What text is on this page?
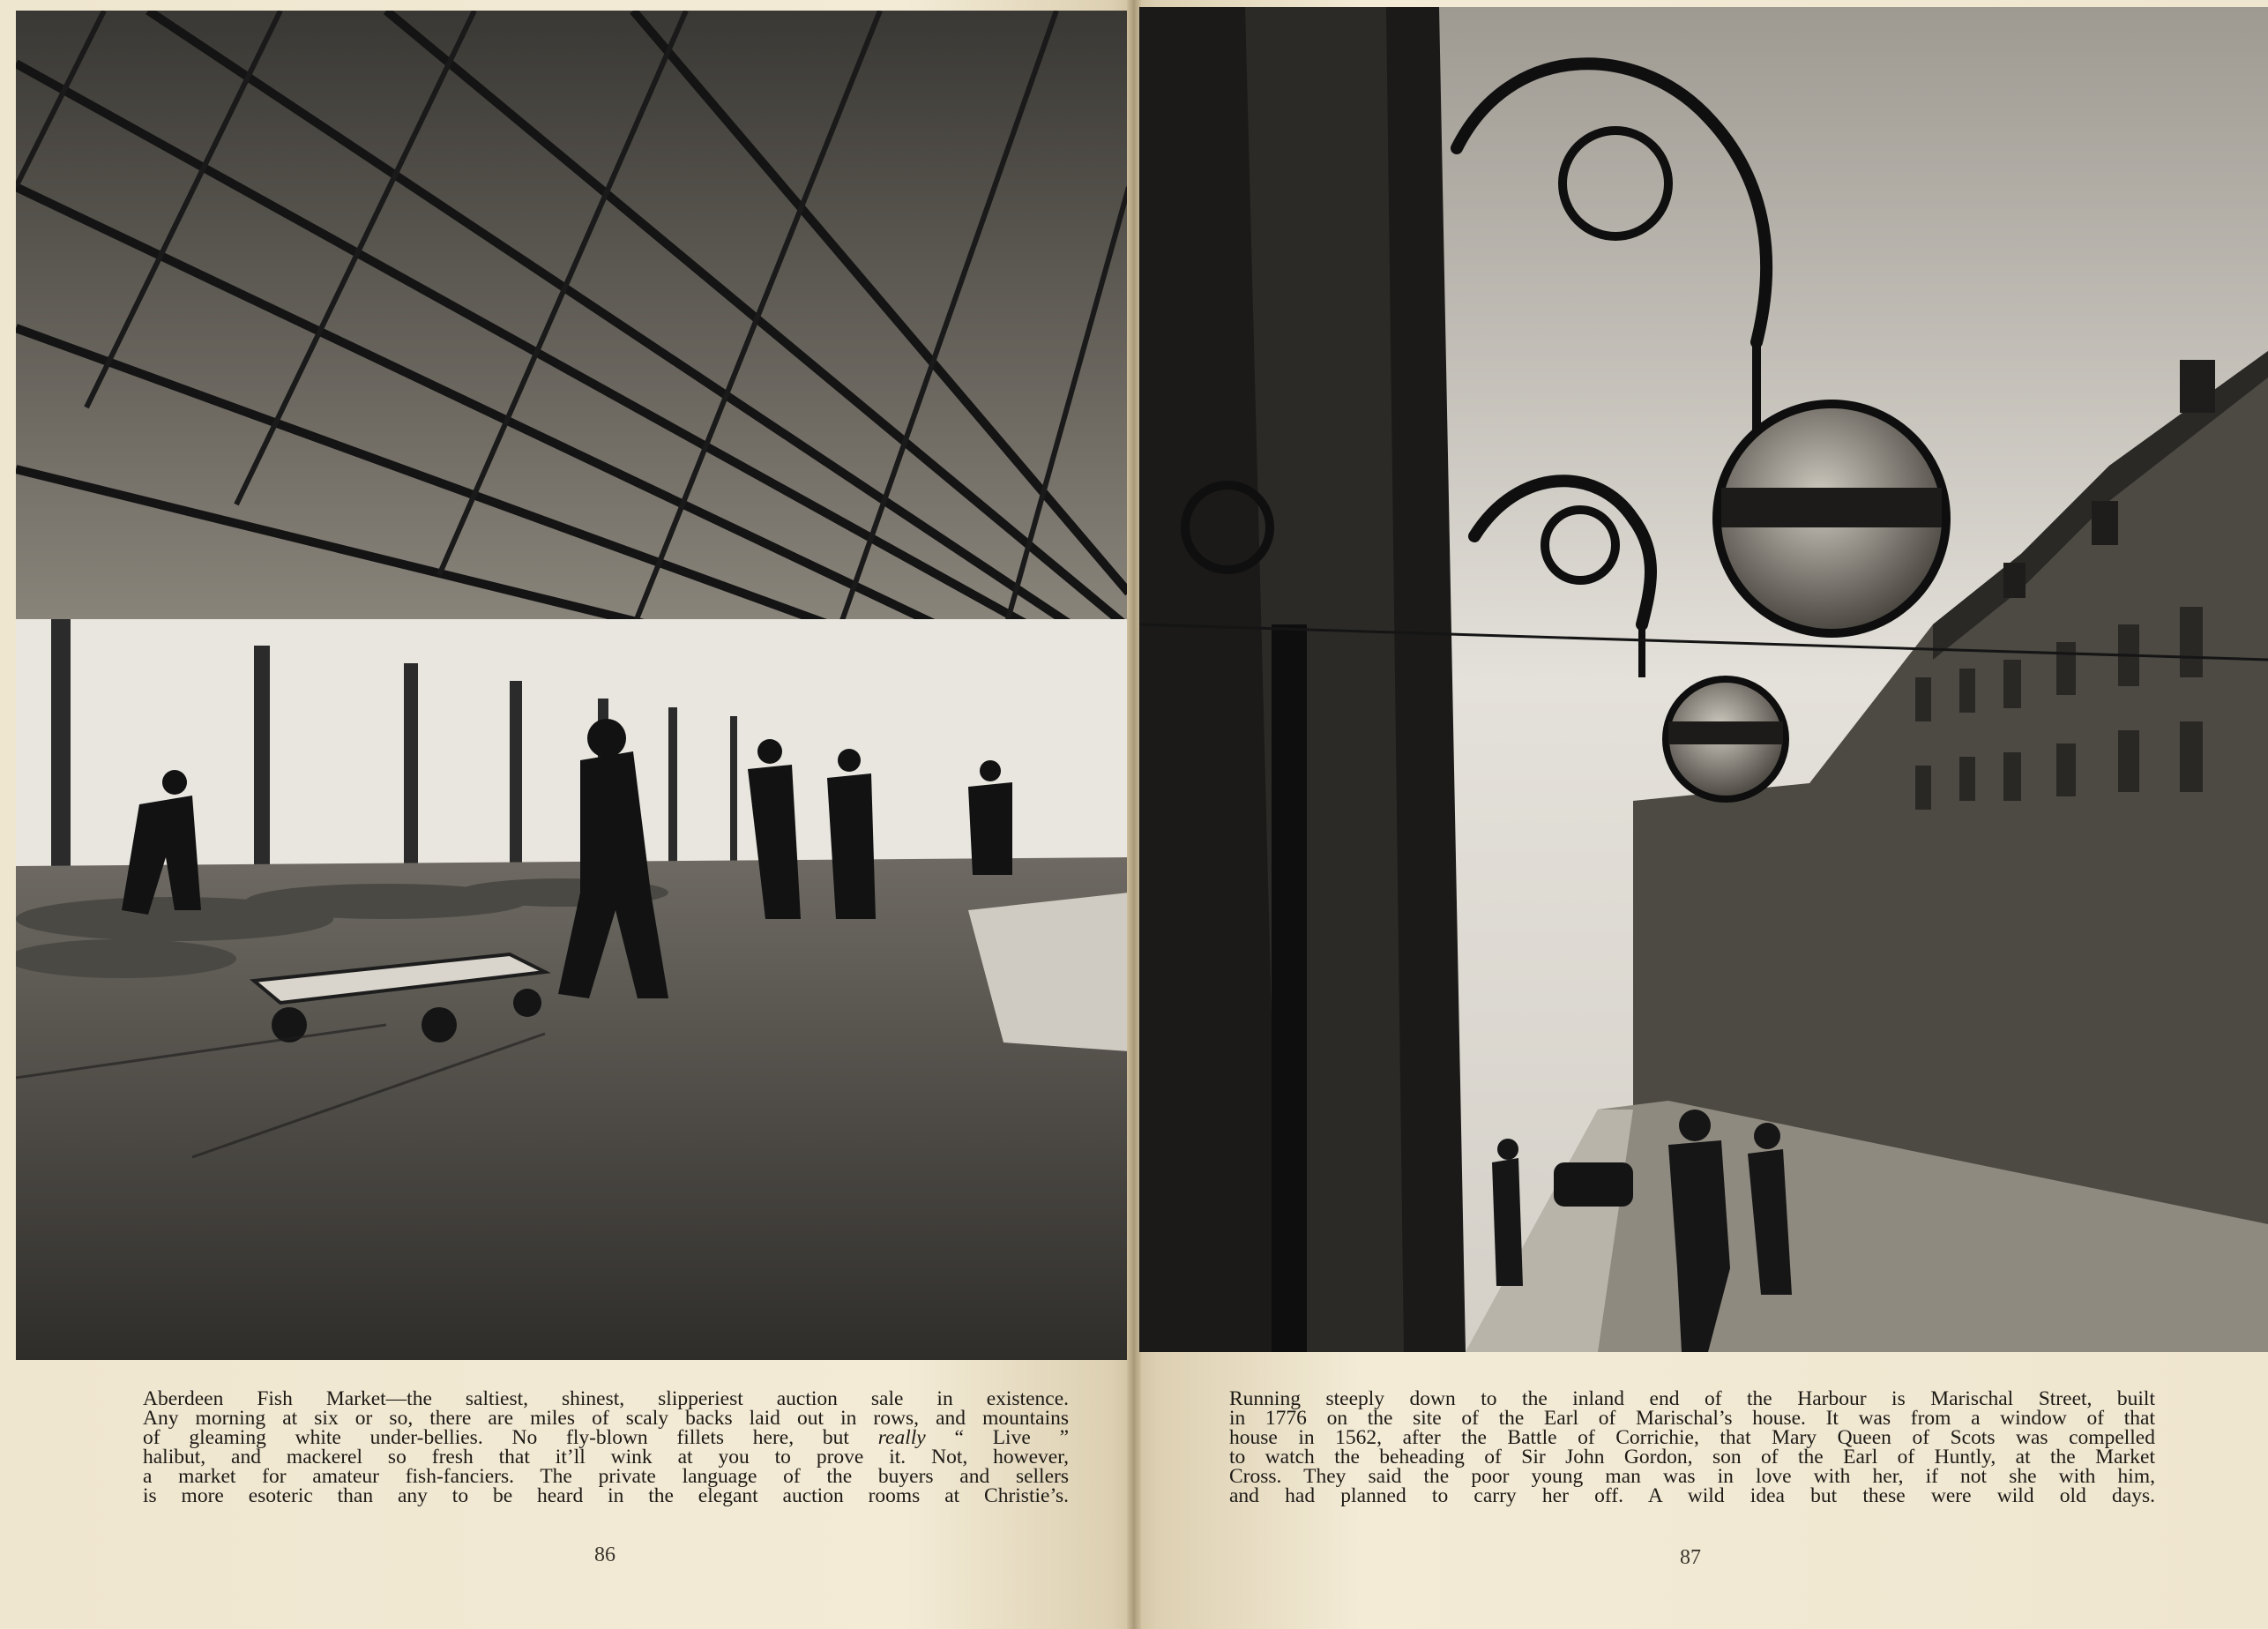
Aberdeen Fish Market—the saltiest, shinest, slipperiest auction sale in existence.
Any morning at six or so, there are miles of scaly backs laid out in rows, and mountains
of gleaming white under-bellies. No fly-blown fillets here, but really “ Live ”
halibut, and mackerel so fresh that it’ll wink at you to prove it. Not, however,
a market for amateur fish-fanciers. The private language of the buyers and sellers
is more esoteric than any to be heard in the elegant auction rooms at Christie’s.
86
Running steeply down to the inland end of the Harbour is Marischal Street, built
in 1776 on the site of the Earl of Marischal’s house. It was from a window of that
house in 1562, after the Battle of Corrichie, that Mary Queen of Scots was compelled
to watch the beheading of Sir John Gordon, son of the Earl of Huntly, at the Market
Cross. They said the poor young man was in love with her, if not she with him,
and had planned to carry her off. A wild idea but these were wild old days.
87
